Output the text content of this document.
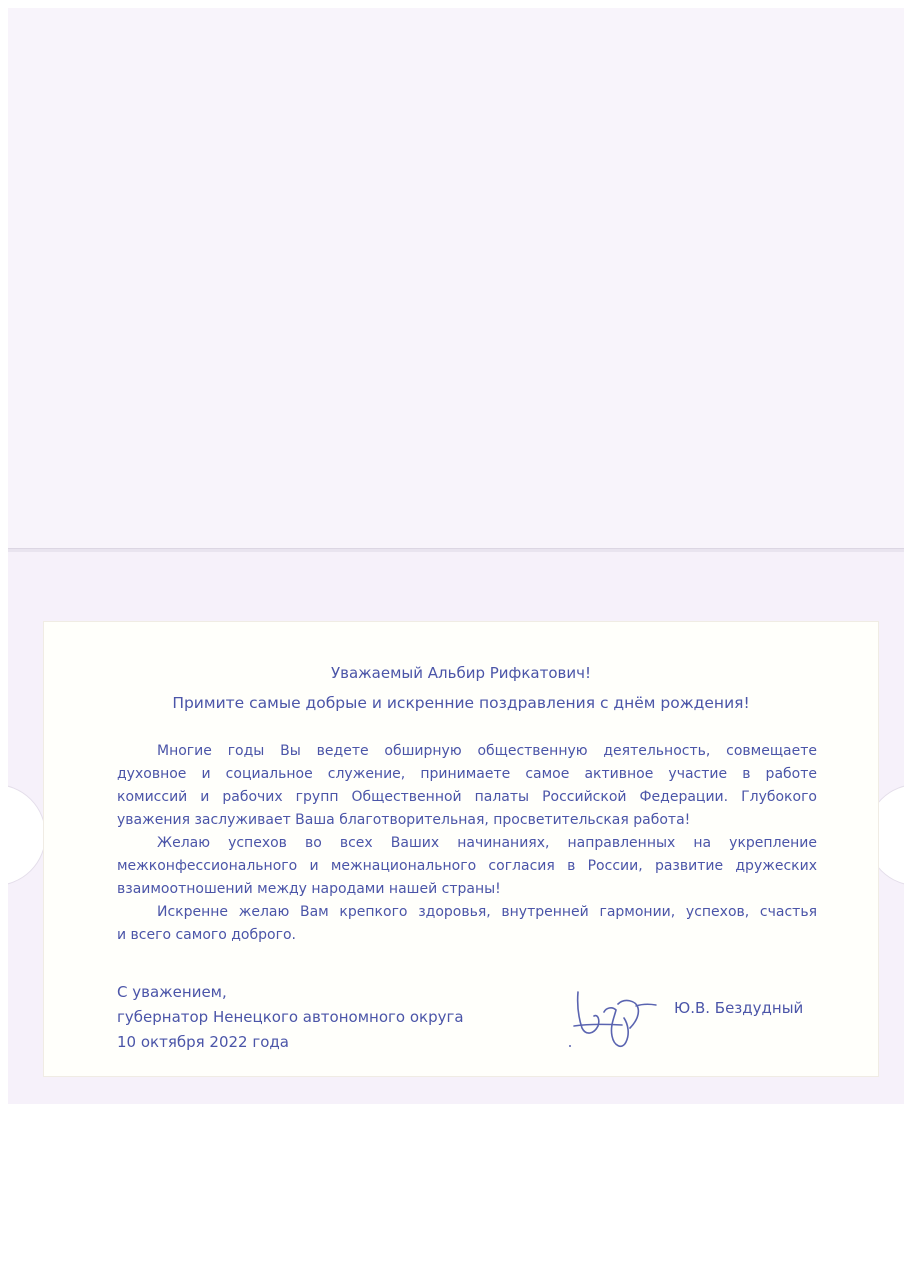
Уважаемый Альбир Рифкатович!
Примите самые добрые и искренние поздравления с днём рождения!
Многие годы Вы ведете обширную общественную деятельность, совмещаете
духовное и социальное служение, принимаете самое активное участие в работе
комиссий и рабочих групп Общественной палаты Российской Федерации. Глубокого
уважения заслуживает Ваша благотворительная, просветительская работа!
Желаю успехов во всех Ваших начинаниях, направленных на укрепление
межконфессионального и межнационального согласия в России, развитие дружеских
взаимоотношений между народами нашей страны!
Искренне желаю Вам крепкого здоровья, внутренней гармонии, успехов, счастья
и всего самого доброго.
С уважением,
губернатор Ненецкого автономного округа
10 октября 2022 года
Ю.В. Бездудный
